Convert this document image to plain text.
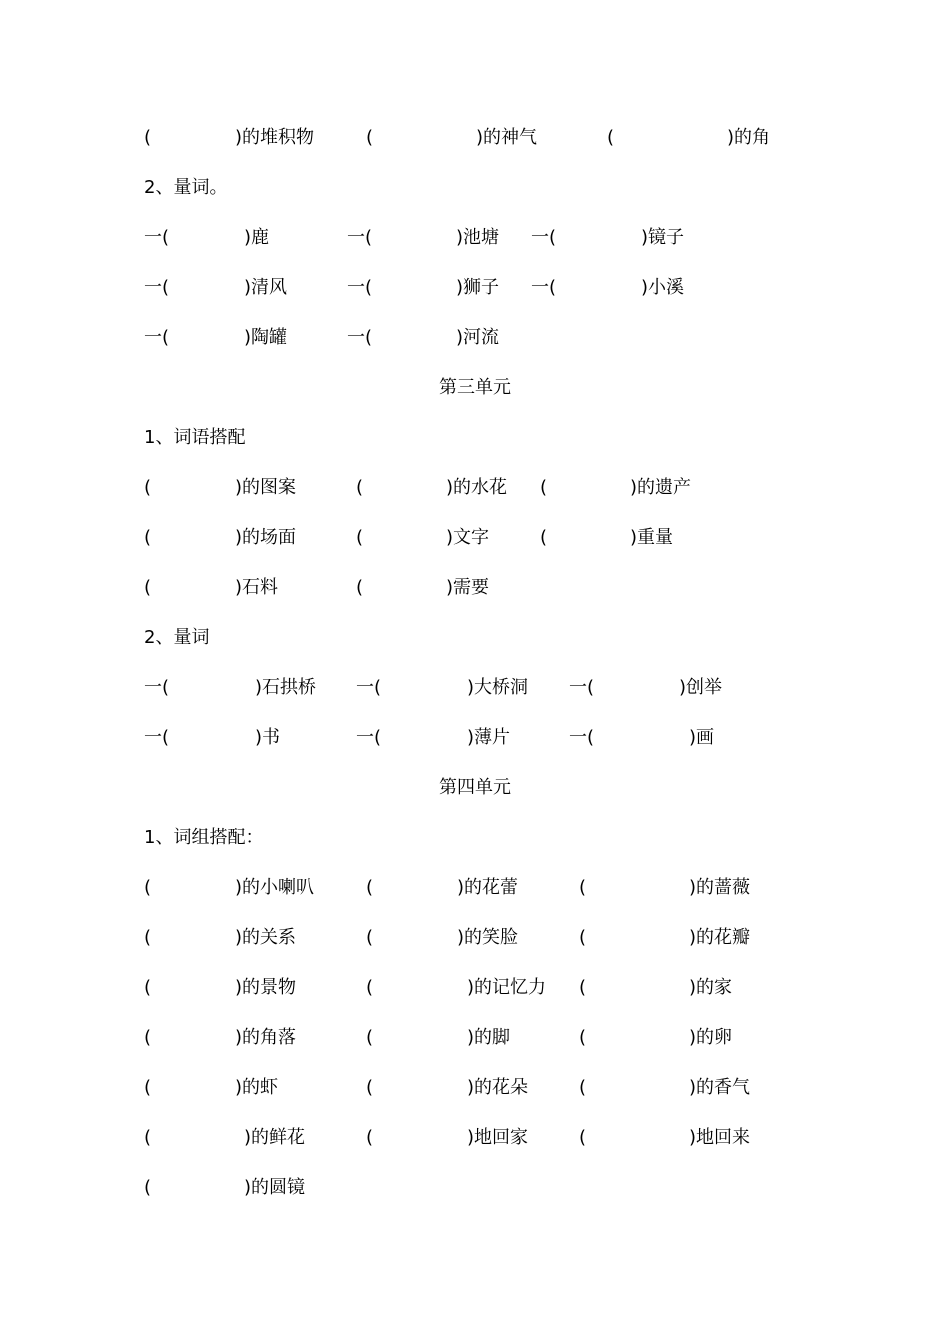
(	)的堆积物	(	)的神气	(	)的角
2、量词。
一(	)鹿	一(	)池塘 一(	)镜子
一(	)清风	一(	)狮子 一(	)小溪
一(	)陶罐	一(	)河流
第三单元
1、词语搭配
(	)的图案	(	)的水花 (	)的遗产
(	)的场面	(	)文字	(	)重量
(	)石料	(	)需要
2、量词
一(	)石拱桥 一(	)大桥洞 一(	)创举
一(	)书	一(	)薄片	一(	)画
第四单元
1、词组搭配：
(	)的小喇叭	(	)的花蕾	(	)的蔷薇
(	)的关系	(	)的笑脸	(	)的花瓣
(	)的景物	(	)的记忆力 (	)的家
(	)的角落	(	)的脚	(	)的卵
(	)的虾	(	)的花朵	(	)的香气
(	)的鲜花	(	)地回家	(	)地回来
(	)的圆镜
